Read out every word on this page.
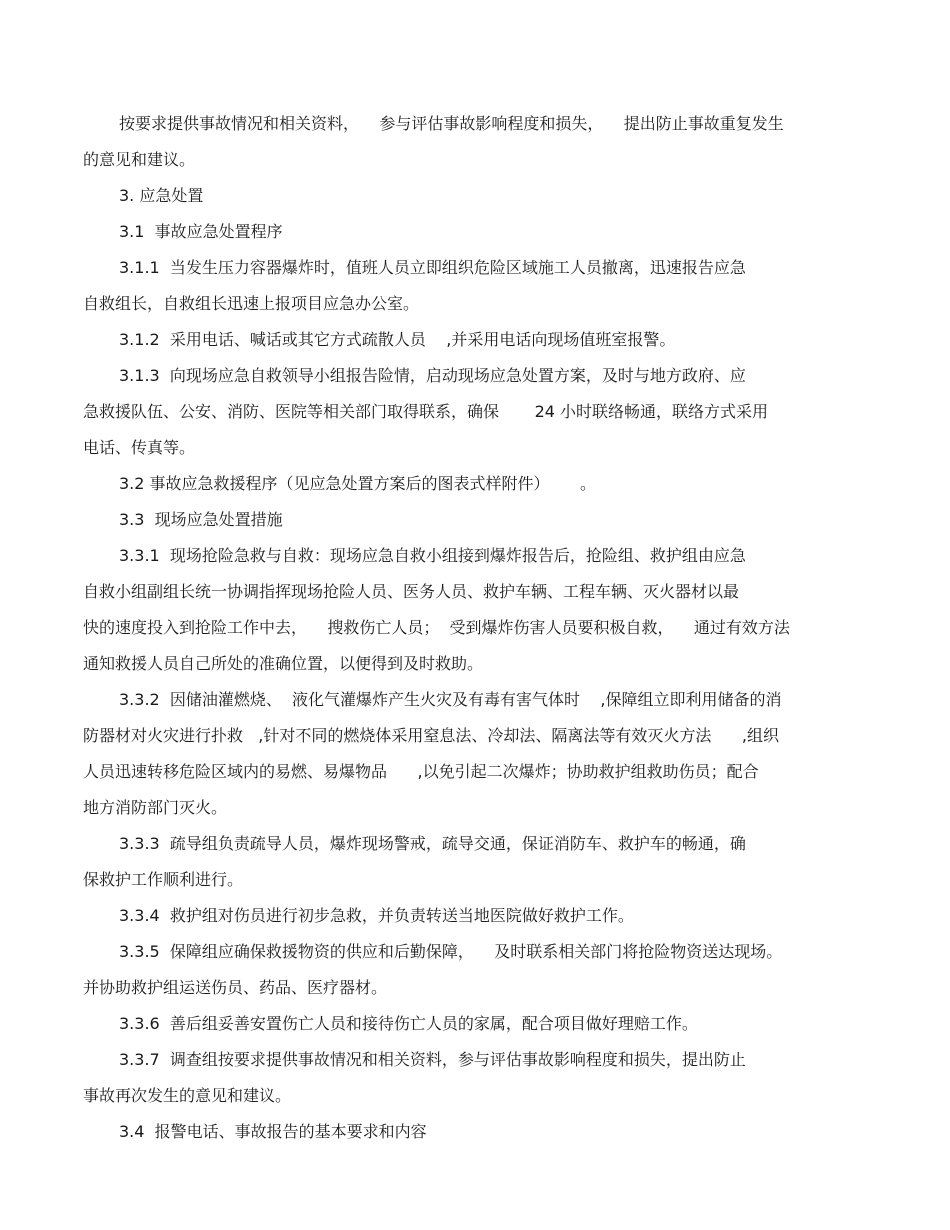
按要求提供事故情况和相关资料，    参与评估事故影响程度和损失，    提出防止事故重复发生
的意见和建议。
3. 应急处置
3.1  事故应急处置程序
3.1.1  当发生压力容器爆炸时，值班人员立即组织危险区域施工人员撤离，迅速报告应急
自救组长，自救组长迅速上报项目应急办公室。
3.1.2  采用电话、喊话或其它方式疏散人员    ,并采用电话向现场值班室报警。
3.1.3  向现场应急自救领导小组报告险情，启动现场应急处置方案，及时与地方政府、应
急救援队伍、公安、消防、医院等相关部门取得联系，确保       24 小时联络畅通，联络方式采用
电话、传真等。
3.2 事故应急救援程序（见应急处置方案后的图表式样附件）      。
3.3  现场应急处置措施
3.3.1  现场抢险急救与自救：现场应急自救小组接到爆炸报告后，抢险组、救护组由应急
自救小组副组长统一协调指挥现场抢险人员、医务人员、救护车辆、工程车辆、灭火器材以最
快的速度投入到抢险工作中去，    搜救伤亡人员；  受到爆炸伤害人员要积极自救，    通过有效方法
通知救援人员自己所处的准确位置，以便得到及时救助。
3.3.2  因储油灌燃烧、  液化气灌爆炸产生火灾及有毒有害气体时    ,保障组立即利用储备的消
防器材对火灾进行扑救   ,针对不同的燃烧体采用窒息法、冷却法、隔离法等有效灭火方法      ,组织
人员迅速转移危险区域内的易燃、易爆物品      ,以免引起二次爆炸；协助救护组救助伤员；配合
地方消防部门灭火。
3.3.3  疏导组负责疏导人员，爆炸现场警戒，疏导交通，保证消防车、救护车的畅通，确
保救护工作顺利进行。
3.3.4  救护组对伤员进行初步急救，并负责转送当地医院做好救护工作。
3.3.5  保障组应确保救援物资的供应和后勤保障，    及时联系相关部门将抢险物资送达现场。
并协助救护组运送伤员、药品、医疗器材。
3.3.6  善后组妥善安置伤亡人员和接待伤亡人员的家属，配合项目做好理赔工作。
3.3.7  调查组按要求提供事故情况和相关资料，参与评估事故影响程度和损失，提出防止
事故再次发生的意见和建议。
3.4  报警电话、事故报告的基本要求和内容
